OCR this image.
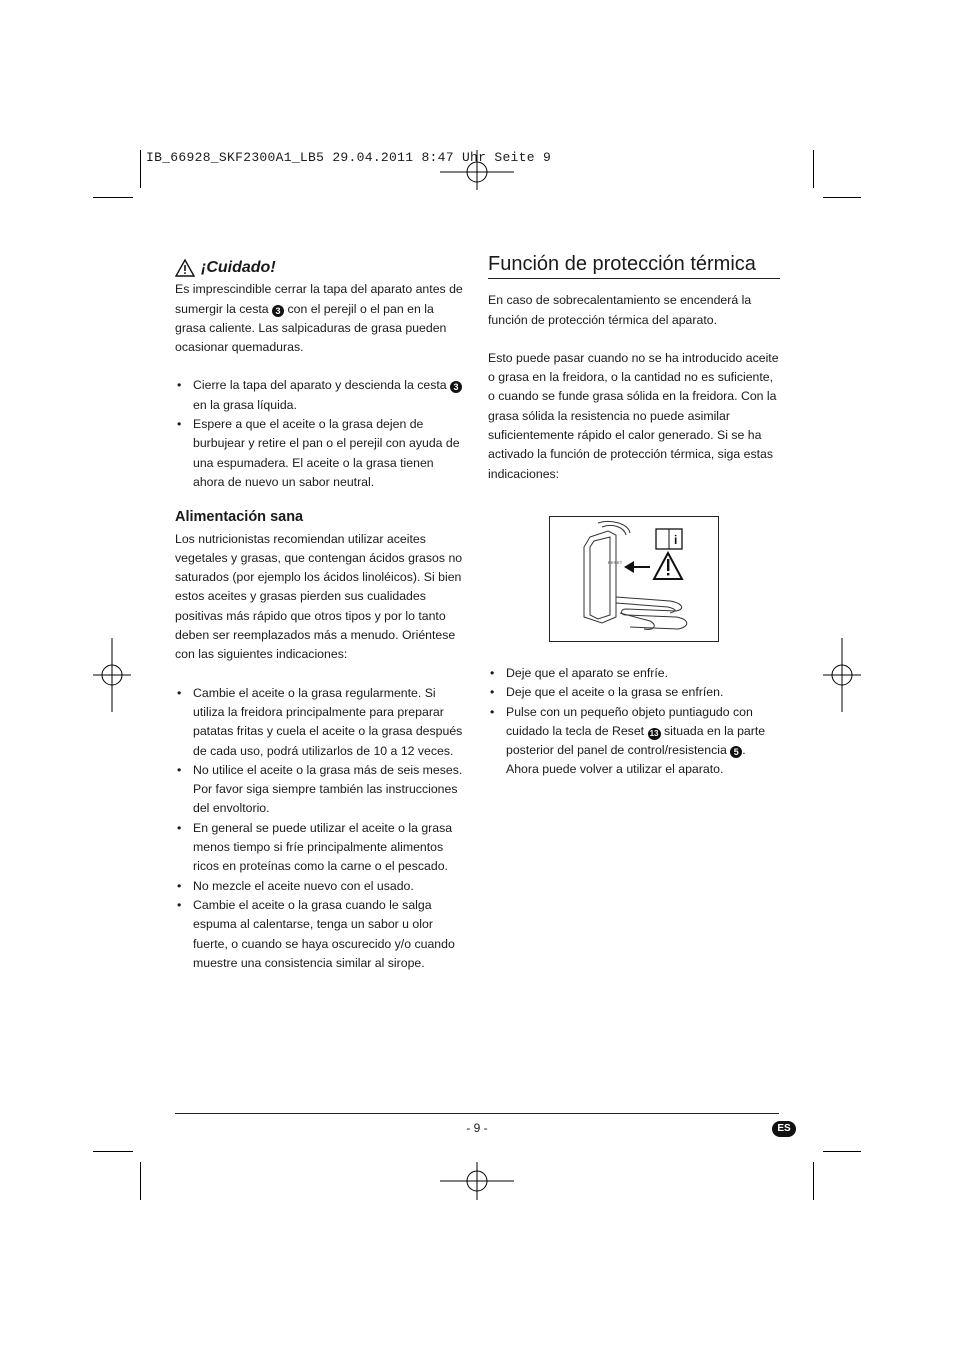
IB_66928_SKF2300A1_LB5 29.04.2011 8:47 Uhr Seite 9
¡Cuidado!

Es imprescindible cerrar la tapa del aparato antes de sumergir la cesta 3 con el perejil o el pan en la grasa caliente. Las salpicaduras de grasa pueden ocasionar quemaduras.

• Cierre la tapa del aparato y descienda la cesta 3 en la grasa líquida.
• Espere a que el aceite o la grasa dejen de burbujear y retire el pan o el perejil con ayuda de una espumadera. El aceite o la grasa tienen ahora de nuevo un sabor neutral.
Alimentación sana

Los nutricionistas recomiendan utilizar aceites vegetales y grasas, que contengan ácidos grasos no saturados (por ejemplo los ácidos linoléicos). Si bien estos aceites y grasas pierden sus cualidades positivas más rápido que otros tipos y por lo tanto deben ser reemplazados más a menudo. Oriéntese con las siguientes indicaciones:

• Cambie el aceite o la grasa regularmente. Si utiliza la freidora principalmente para preparar patatas fritas y cuela el aceite o la grasa después de cada uso, podrá utilizarlos de 10 a 12 veces.
• No utilice el aceite o la grasa más de seis meses. Por favor siga siempre también las instrucciones del envoltorio.
• En general se puede utilizar el aceite o la grasa menos tiempo si fríe principalmente alimentos ricos en proteínas como la carne o el pescado.
• No mezcle el aceite nuevo con el usado.
• Cambie el aceite o la grasa cuando le salga espuma al calentarse, tenga un sabor u olor fuerte, o cuando se haya oscurecido y/o cuando muestre una consistencia similar al sirope.
Función de protección térmica

En caso de sobrecalentamiento se encenderá la función de protección térmica del aparato.

Esto puede pasar cuando no se ha introducido aceite o grasa en la freidora, o la cantidad no es suficiente, o cuando se funde grasa sólida en la freidora. Con la grasa sólida la resistencia no puede asimilar suficientemente rápido el calor generado. Si se ha activado la función de protección térmica, siga estas indicaciones:

i
RESET
• Deje que el aparato se enfríe.
• Deje que el aceite o la grasa se enfríen.
• Pulse con un pequeño objeto puntiagudo con cuidado la tecla de Reset 13 situada en la parte posterior del panel de control/resistencia 5 . Ahora puede volver a utilizar el aparato.
- 9 -	ES
